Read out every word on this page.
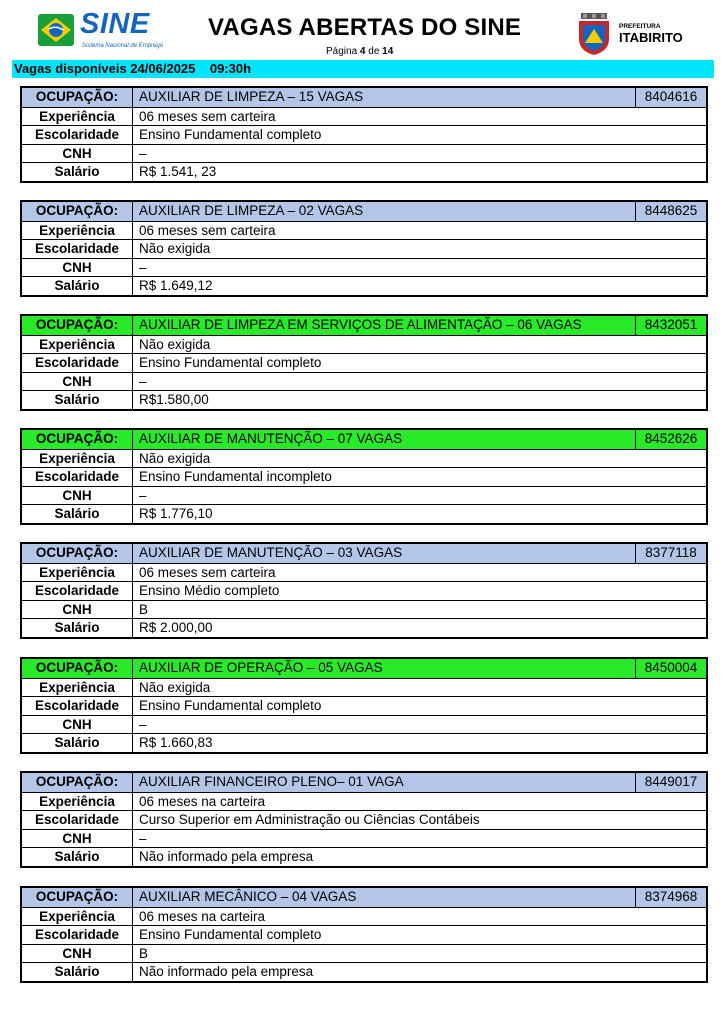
SINE
Sistema Nacional de Emprego
VAGAS ABERTAS DO SINE
Página 4 de 14
PREFEITURA
ITABIRITO
Vagas disponíveis 24/06/2025    09:30h
OCUPAÇÃO:	AUXILIAR DE LIMPEZA – 15 VAGAS	8404616
Experiência	06 meses sem carteira
Escolaridade	Ensino Fundamental completo
CNH	–
Salário	R$ 1.541, 23
OCUPAÇÃO:	AUXILIAR DE LIMPEZA – 02 VAGAS	8448625
Experiência	06 meses sem carteira
Escolaridade	Não exigida
CNH	–
Salário	R$ 1.649,12
OCUPAÇÃO:	AUXILIAR DE LIMPEZA EM SERVIÇOS DE ALIMENTAÇÃO – 06 VAGAS	8432051
Experiência	Não exigida
Escolaridade	Ensino Fundamental completo
CNH	–
Salário	R$1.580,00
OCUPAÇÃO:	AUXILIAR DE MANUTENÇÃO – 07 VAGAS	8452626
Experiência	Não exigida
Escolaridade	Ensino Fundamental incompleto
CNH	–
Salário	R$ 1.776,10
OCUPAÇÃO:	AUXILIAR DE MANUTENÇÃO – 03 VAGAS	8377118
Experiência	06 meses sem carteira
Escolaridade	Ensino Médio completo
CNH	B
Salário	R$ 2.000,00
OCUPAÇÃO:	AUXILIAR DE OPERAÇÃO – 05 VAGAS	8450004
Experiência	Não exigida
Escolaridade	Ensino Fundamental completo
CNH	–
Salário	R$ 1.660,83
OCUPAÇÃO:	AUXILIAR FINANCEIRO PLENO– 01 VAGA	8449017
Experiência	06 meses na carteira
Escolaridade	Curso Superior em Administração ou Ciências Contábeis
CNH	–
Salário	Não informado pela empresa
OCUPAÇÃO:	AUXILIAR MECÂNICO – 04 VAGAS	8374968
Experiência	06 meses na carteira
Escolaridade	Ensino Fundamental completo
CNH	B
Salário	Não informado pela empresa
